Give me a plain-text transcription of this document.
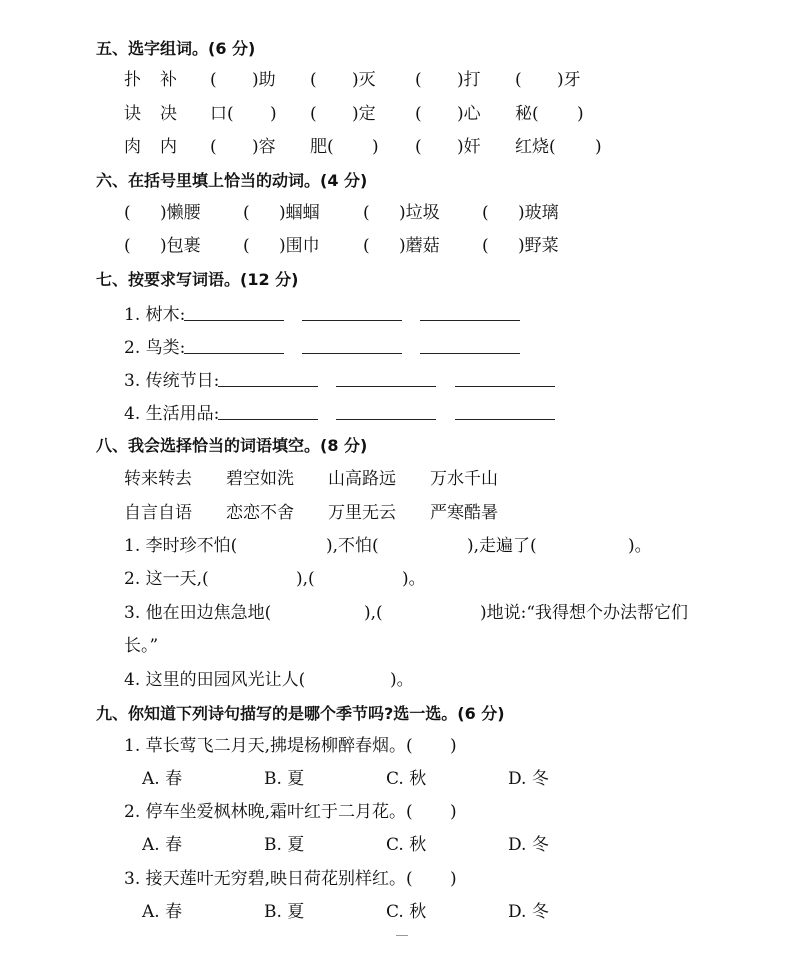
五、选字组词。(6 分)
扑 补 ( )助 ( )灭 ( )打 ( )牙
诀 决 口( ) ( )定 ( )心 秘( )
肉 内 ( )容 肥( ) ( )奸 红烧( )
六、在括号里填上恰当的动词。(4 分)
( )懒腰 ( )蝈蝈	( )垃圾 ( )玻璃
( )包裹 ( )围巾	( )蘑菇 ( )野菜
七、按要求写词语。(12 分)
1. 树木:
2. 鸟类:
3. 传统节日:
4. 生活用品:
八、我会选择恰当的词语填空。(8 分)
转来转去 碧空如洗 山高路远 万水千山
自言自语 恋恋不舍 万里无云 严寒酷暑
1. 李时珍不怕(	),不怕(	),走遍了(	)。
2. 这一天,(	),(	)。
3. 他在田边焦急地(	),(	)地说:“我得想个办法帮它们
长。”
4. 这里的田园风光让人(	)。
九、你知道下列诗句描写的是哪个季节吗?选一选。(6 分)
1. 草长莺飞二月天,拂堤杨柳醉春烟。( )
A. 春	B. 夏	C. 秋	D. 冬
2. 停车坐爱枫林晚,霜叶红于二月花。( )
A. 春	B. 夏	C. 秋	D. 冬
3. 接天莲叶无穷碧,映日荷花别样红。( )
A. 春	B. 夏	C. 秋	D. 冬
